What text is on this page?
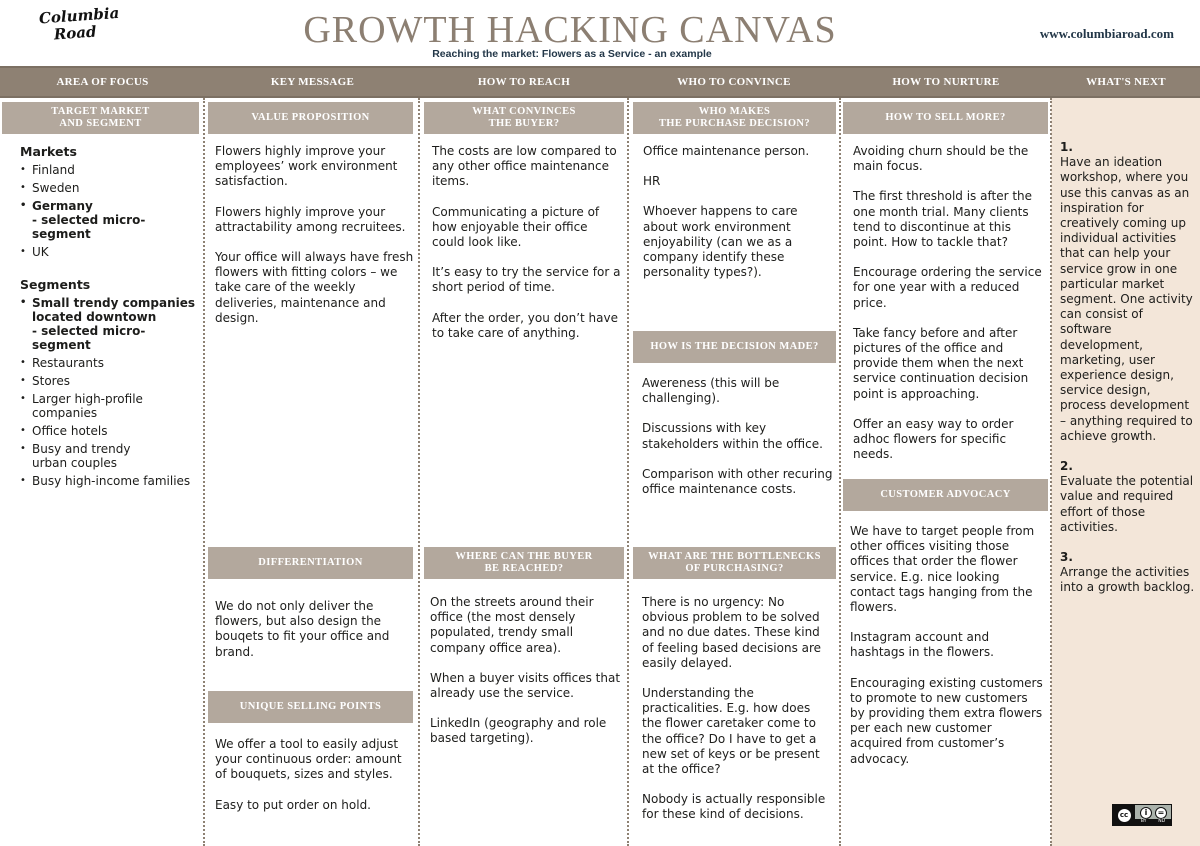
Columbia
Road	GROWTH HACKING CANVAS
Reaching the market: Flowers as a Service - an example
www.columbiaroad.com
AREA OF FOCUS	KEY MESSAGE	HOW TO REACH	WHO TO CONVINCE	HOW TO NURTURE	WHAT'S NEXT
TARGET MARKET
AND SEGMENT
Markets
• Finland
• Sweden
• Germany
- selected micro-segment
• UK
Segments
• Small trendy companies
located downtown
- selected micro-segment
• Restaurants
• Stores
• Larger high-profile
companies
• Office hotels
• Busy and trendy
urban couples
• Busy high-income families
VALUE PROPOSITION

Flowers highly improve your employees’ work environment satisfaction.

Flowers highly improve your attractability among recruitees.

Your office will always have fresh flowers with fitting colors – we take care of the weekly deliveries, maintenance and design.

DIFFERENTIATION

We do not only deliver the flowers, but also design the bouqets to fit your office and brand.

UNIQUE SELLING POINTS

We offer a tool to easily adjust your continuous order: amount of bouquets, sizes and styles.

Easy to put order on hold.

WHAT CONVINCES
THE BUYER?

The costs are low compared to any other office maintenance items.

Communicating a picture of how enjoyable their office could look like.

It’s easy to try the service for a short period of time.

After the order, you don’t have to take care of anything.

WHERE CAN THE BUYER
BE REACHED?

On the streets around their office (the most densely populated, trendy small company office area).

When a buyer visits offices that already use the service.

LinkedIn (geography and role based targeting).

WHO MAKES
THE PURCHASE DECISION?

Office maintenance person.

HR

Whoever happens to care about work environment enjoyability (can we as a company identify these personality types?).

HOW IS THE DECISION MADE?

Awereness (this will be challenging).

Discussions with key stakeholders within the office.

Comparison with other recuring office maintenance costs.

WHAT ARE THE BOTTLENECKS
OF PURCHASING?

There is no urgency: No obvious problem to be solved and no due dates. These kind of feeling based decisions are easily delayed.

Understanding the practicalities. E.g. how does the flower caretaker come to the office? Do I have to get a new set of keys or be present at the office?

Nobody is actually responsible for these kind of decisions.

HOW TO SELL MORE?

Avoiding churn should be the main focus.

The first threshold is after the one month trial. Many clients tend to discontinue at this point. How to tackle that?

Encourage ordering the service for one year with a reduced price.

Take fancy before and after pictures of the office and provide them when the next service continuation decision point is approaching.

Offer an easy way to order adhoc flowers for specific needs.

CUSTOMER ADVOCACY

We have to target people from other offices visiting those offices that order the flower service. E.g. nice looking contact tags hanging from the flowers.

Instagram account and hashtags in the flowers.

Encouraging existing customers to promote to new customers by providing them extra flowers per each new customer acquired from customer’s advocacy.

1.
Have an ideation workshop, where you use this canvas as an inspiration for creatively coming up individual activities that can help your service grow in one particular market segment. One activity can consist of software development, marketing, user experience design, service design, process development – anything required to achieve growth.
2.
Evaluate the potential value and required effort of those activities.
3.
Arrange the activities into a growth backlog.
cc	i	=
BY	ND
